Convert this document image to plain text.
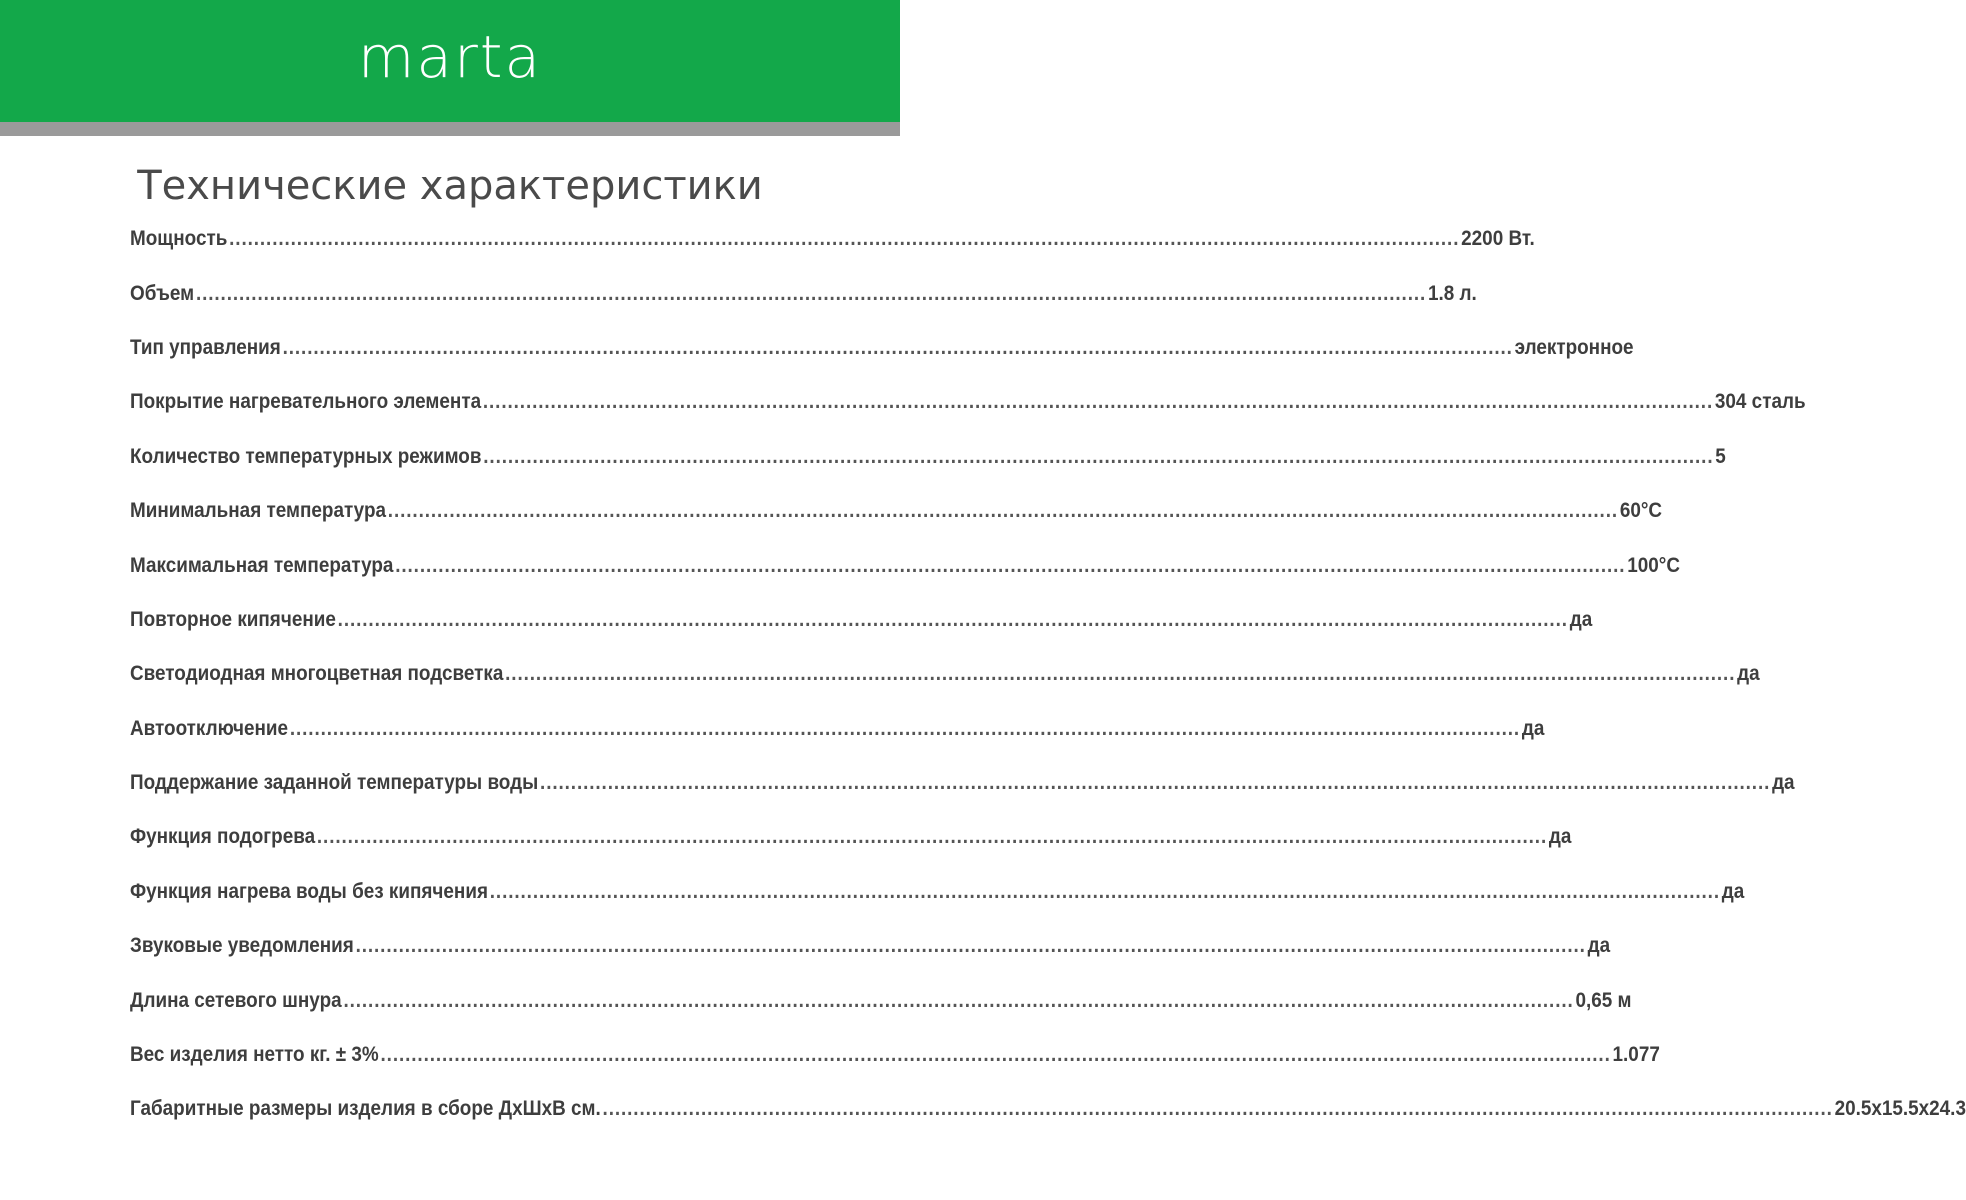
marta
Технические характеристики
Мощность ........................................................................................................................................................................................................ 2200 Вт.
Объем ........................................................................................................................................................................................................ 1.8 л.
Тип управления ........................................................................................................................................................................................................ электронное
Покрытие нагревательного элемента ........................................................................................................................................................................................................ 304 сталь
Количество температурных режимов ........................................................................................................................................................................................................ 5
Минимальная температура ........................................................................................................................................................................................................ 60°С
Максимальная температура ........................................................................................................................................................................................................ 100°С
Повторное кипячение ........................................................................................................................................................................................................ да
Светодиодная многоцветная подсветка ........................................................................................................................................................................................................ да
Автоотключение ........................................................................................................................................................................................................ да
Поддержание заданной температуры воды ........................................................................................................................................................................................................ да
Функция подогрева ........................................................................................................................................................................................................ да
Функция нагрева воды без кипячения ........................................................................................................................................................................................................ да
Звуковые уведомления ........................................................................................................................................................................................................ да
Длина сетевого шнура ........................................................................................................................................................................................................ 0,65 м
Вес изделия нетто кг. ± 3% ........................................................................................................................................................................................................ 1.077
Габаритные размеры изделия в сборе ДхШхВ см. ........................................................................................................................................................................................................ 20.5х15.5х24.3
